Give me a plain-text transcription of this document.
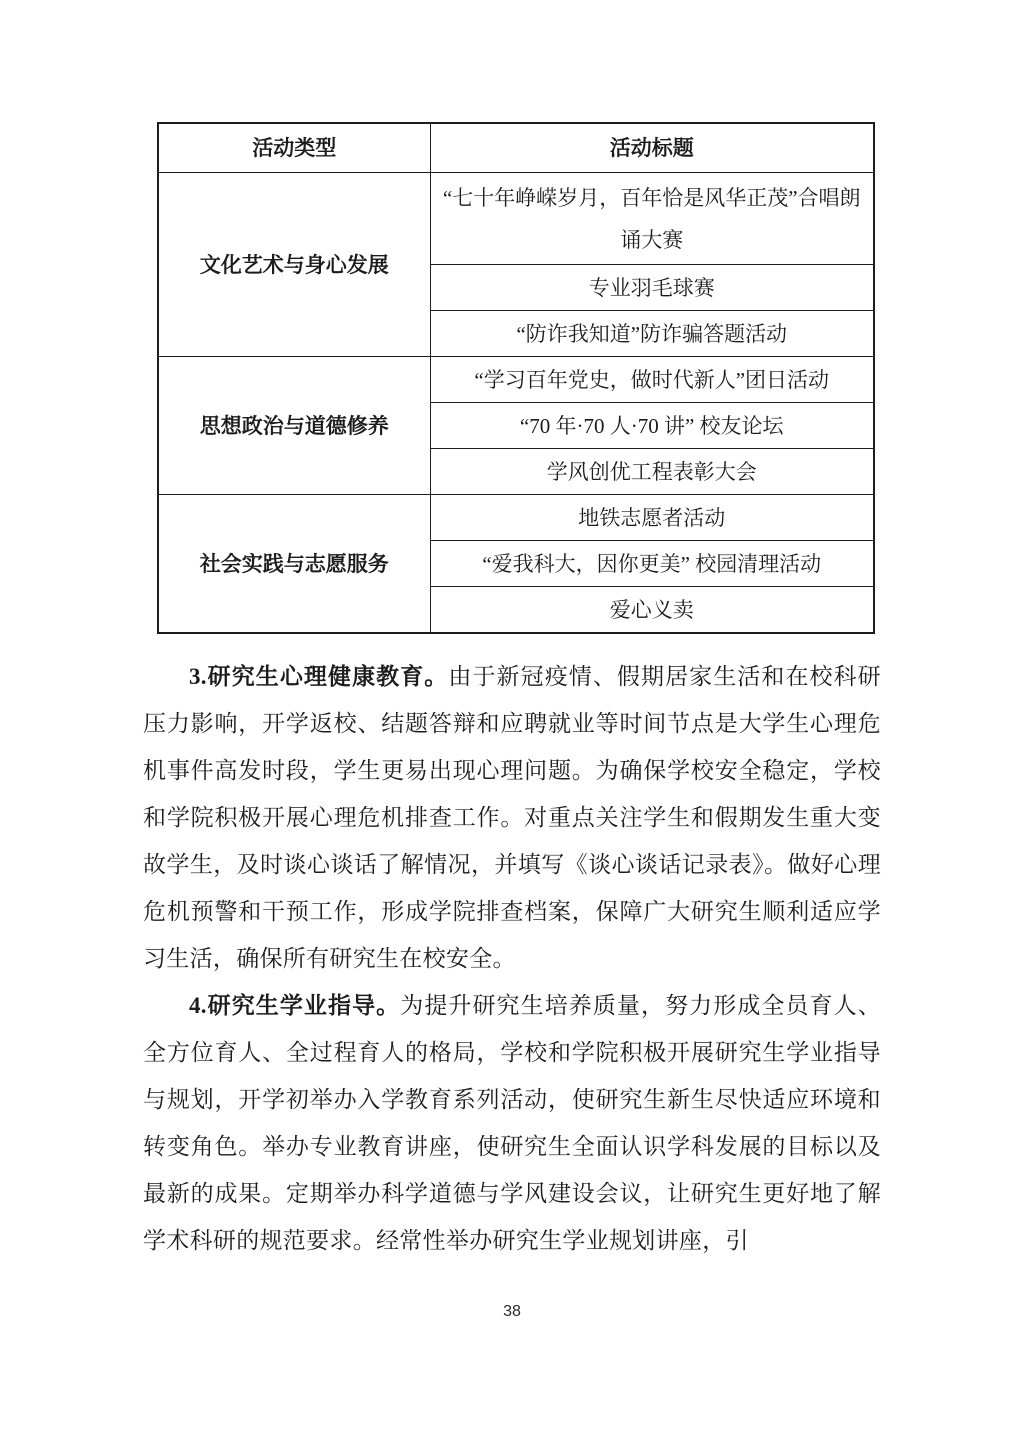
活动类型	活动标题
文化艺术与身心发展	“七十年峥嵘岁月，百年恰是风华正茂”合唱朗诵大赛
	专业羽毛球赛
	“防诈我知道”防诈骗答题活动
思想政治与道德修养	“学习百年党史，做时代新人”团日活动
	“70 年·70 人·70 讲” 校友论坛
	学风创优工程表彰大会
社会实践与志愿服务	地铁志愿者活动
	“爱我科大，因你更美” 校园清理活动
	爱心义卖

3.研究生心理健康教育。由于新冠疫情、假期居家生活和在校科研压力影响，开学返校、结题答辩和应聘就业等时间节点是大学生心理危机事件高发时段，学生更易出现心理问题。为确保学校安全稳定，学校和学院积极开展心理危机排查工作。对重点关注学生和假期发生重大变故学生，及时谈心谈话了解情况，并填写《谈心谈话记录表》。做好心理危机预警和干预工作，形成学院排查档案，保障广大研究生顺利适应学习生活，确保所有研究生在校安全。

4.研究生学业指导。为提升研究生培养质量，努力形成全员育人、全方位育人、全过程育人的格局，学校和学院积极开展研究生学业指导与规划，开学初举办入学教育系列活动，使研究生新生尽快适应环境和转变角色。举办专业教育讲座，使研究生全面认识学科发展的目标以及最新的成果。定期举办科学道德与学风建设会议，让研究生更好地了解学术科研的规范要求。经常性举办研究生学业规划讲座，引

38
